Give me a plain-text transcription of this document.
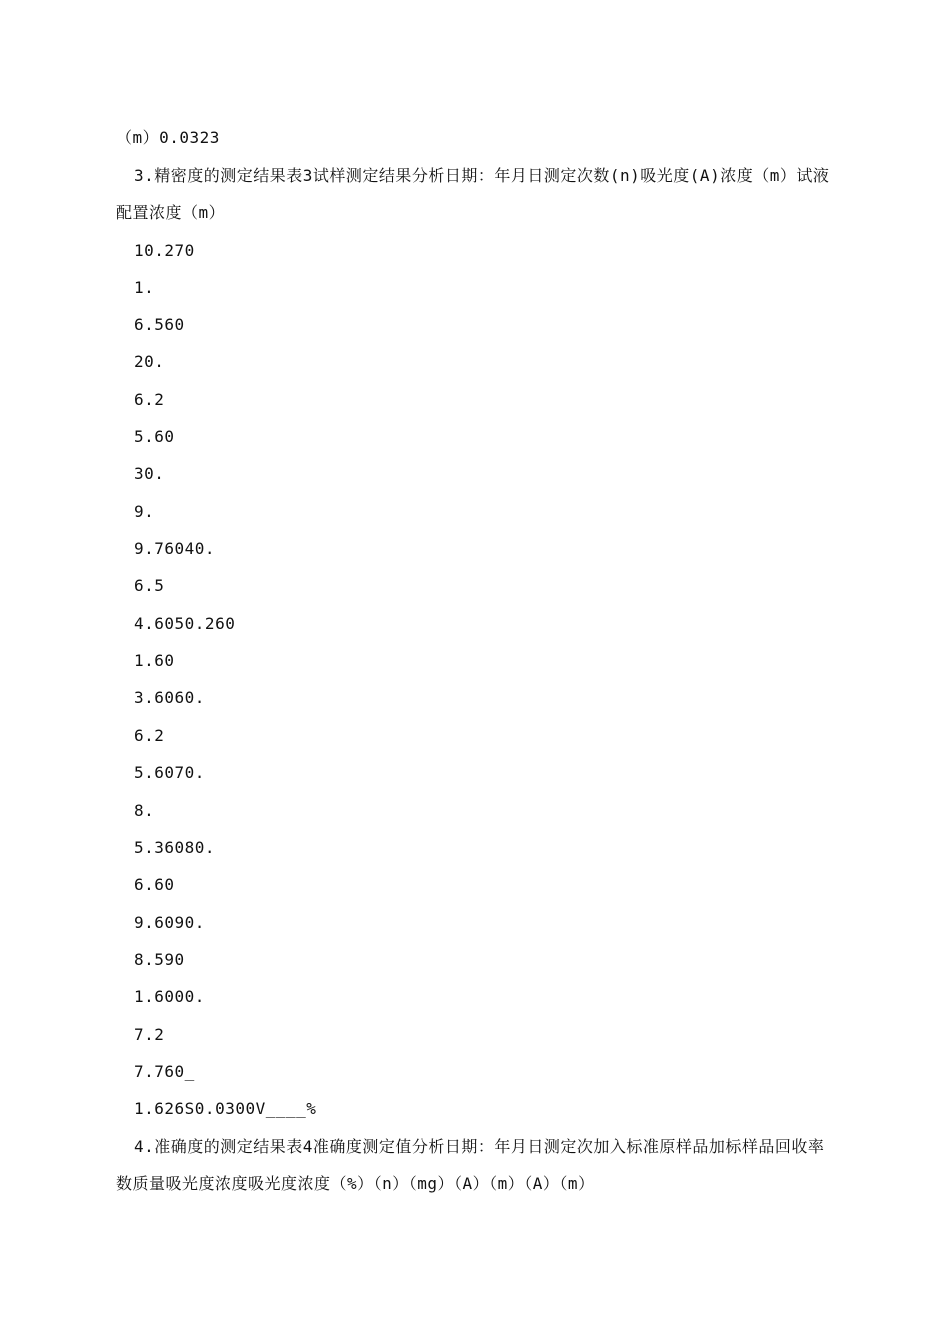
（m）0.0323
3.精密度的测定结果表3试样测定结果分析日期：年月日测定次数(n)吸光度(A)浓度（m）试液配置浓度（m）
10.270
1.
6.560
20.
6.2
5.60
30.
9.
9.76040.
6.5
4.6050.260
1.60
3.6060.
6.2
5.6070.
8.
5.36080.
6.60
9.6090.
8.590
1.6000.
7.2
7.760_
1.626S0.0300V____%
4.准确度的测定结果表4准确度测定值分析日期：年月日测定次加入标准原样品加标样品回收率数质量吸光度浓度吸光度浓度（%）（n）（mg）（A）（m）（A）（m）
